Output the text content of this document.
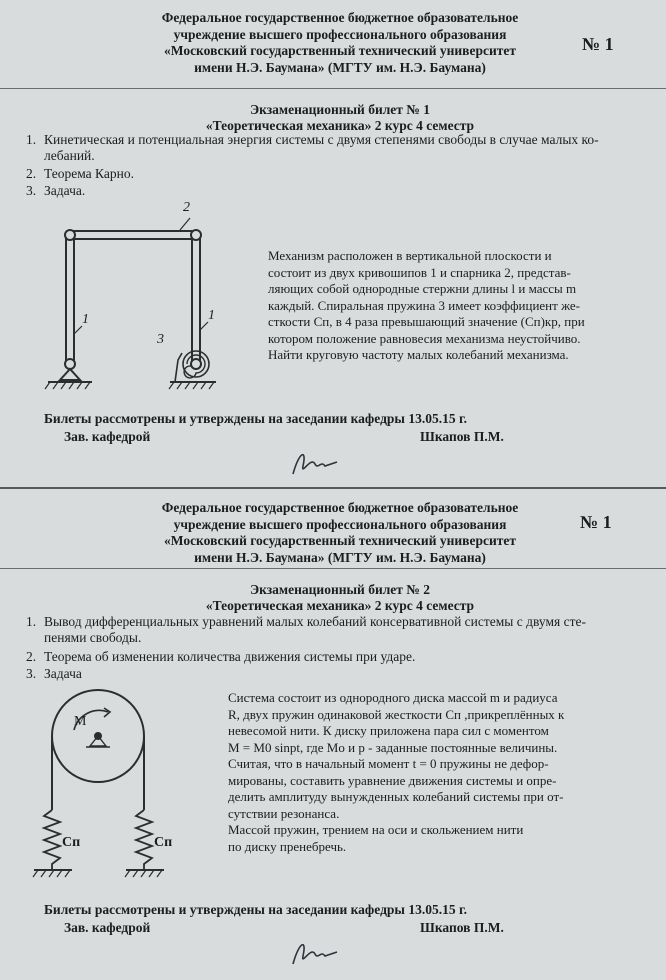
Федеральное государственное бюджетное образовательное
учреждение высшего профессионального образования
«Московский государственный технический университет
имени Н.Э. Баумана» (МГТУ им. Н.Э. Баумана)
№ 1
Экзаменационный билет № 1
«Теоретическая механика» 2 курс 4 семестр
1. Кинетическая и потенциальная энергия системы с двумя степенями свободы в случае малых ко-
лебаний.
2. Теорема Карно.
3. Задача.
2
1	1
3
Механизм расположен в вертикальной плоскости и
состоит из двух кривошипов 1 и спарника 2, представ-
ляющих собой однородные стержни длины l и массы m
каждый. Спиральная пружина 3 имеет коэффициент же-
сткости Cп, в 4 раза превышающий значение (Cп)кр, при
котором положение равновесия механизма неустойчиво.
Найти круговую частоту малых колебаний механизма.
Билеты рассмотрены и утверждены на заседании кафедры 13.05.15 г.
Зав. кафедрой	Шкапов П.М.
Федеральное государственное бюджетное образовательное
учреждение высшего профессионального образования
«Московский государственный технический университет
имени Н.Э. Баумана» (МГТУ им. Н.Э. Баумана)
№ 1
Экзаменационный билет № 2
«Теоретическая механика» 2 курс 4 семестр
1. Вывод дифференциальных уравнений малых колебаний консервативной системы с двумя сте-
пенями свободы.
2. Теорема об изменении количества движения системы при ударе.
3. Задача
M
Cп	Cп
Система состоит из однородного диска массой m и радиуса
R, двух пружин одинаковой жесткости Cп ,прикреплённых к
невесомой нити. К диску приложена пара сил с моментом
M = M0 sinpt, где Mo и p - заданные постоянные величины.
Считая, что в начальный момент t = 0 пружины не дефор-
мированы, составить уравнение движения системы и опре-
делить амплитуду вынужденных колебаний системы при от-
сутствии резонанса.
Массой пружин, трением на оси и скольжением нити
по диску пренебречь.
Билеты рассмотрены и утверждены на заседании кафедры 13.05.15 г.
Зав. кафедрой	Шкапов П.М.
